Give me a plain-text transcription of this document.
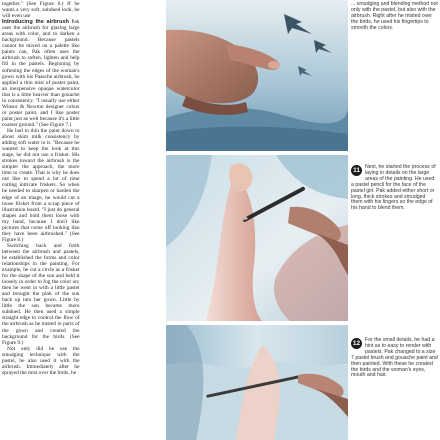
together." (See Figure 6.) If he wants a very soft, subdued look, he will even use

Introducing the airbrush Pak uses the airbrush for glazing large areas with color, and to darken a background. Because pastels cannot be mixed on a palette like paints can, Pak often uses the airbrush to soften, lighten and help fill in the pastels. Beginning by softening the edges of the woman's gown with his Paasche airbrush, he applied a thin mist of poster paint, an inexpensive opaque watercolor that is a little heavier than gouache in consistency. "I usually use either Winsor & Newton designer colors or poster paint, and I like poster paint just as well because it's a little coarser ground." (See Figure 7.)

He had to thin the paint down to about skim milk consistency by adding soft water to it. "Because he wanted to keep the look at this stage, he did not use a frisket. His strokes toward the airbrush is the simpler the approach, the more time to create. That is why he does not like to spend a lot of time cutting intricate friskets. So when he needed to sharpen or harden the edge of an image, he would cut a loose frisket from a scrap piece of illustration board. "I just do general shapes and hold them loose with my hand, because I don't like pictures that come off looking like they have been airbrushed." (See Figure 8.)

Switching back and forth between the airbrush and pastels, he established the forms and color relationships in the painting. For example, he cut a circle as a frisket for the shape of the sun and held it loosely in order to fog the color on; then he went in with a little pastel and brought the pink of the sun back up into her gown. Little by little the sun became more subdued. He then used a simple straight edge to control the flow of the airbrush as he misted in parts of the gown and created the background for the birds. (See Figure 9.)

Not only did he use the smudging technique with the pastel, he also used it with the airbrush. Immediately after he sprayed the mist over the birds, he

... smudging and blending method not only with the pastel, but also with the airbrush. Right after he misted over the birds, he used his fingertips to smooth the colors.
11 Next, he started the process of laying in details on the large areas of the painting. He used a pastel pencil for the face of the pastel girl. Pak added either short or long, thick strokes and smudged them with his fingers so the edge of his hand to blend them.
12 For the small details, he had a hint as to easy to render with pastels. Pak changed to a size 7 pastel brush and gouache paint and then painted. With these he created the birds and the woman's eyes, mouth and hair.
